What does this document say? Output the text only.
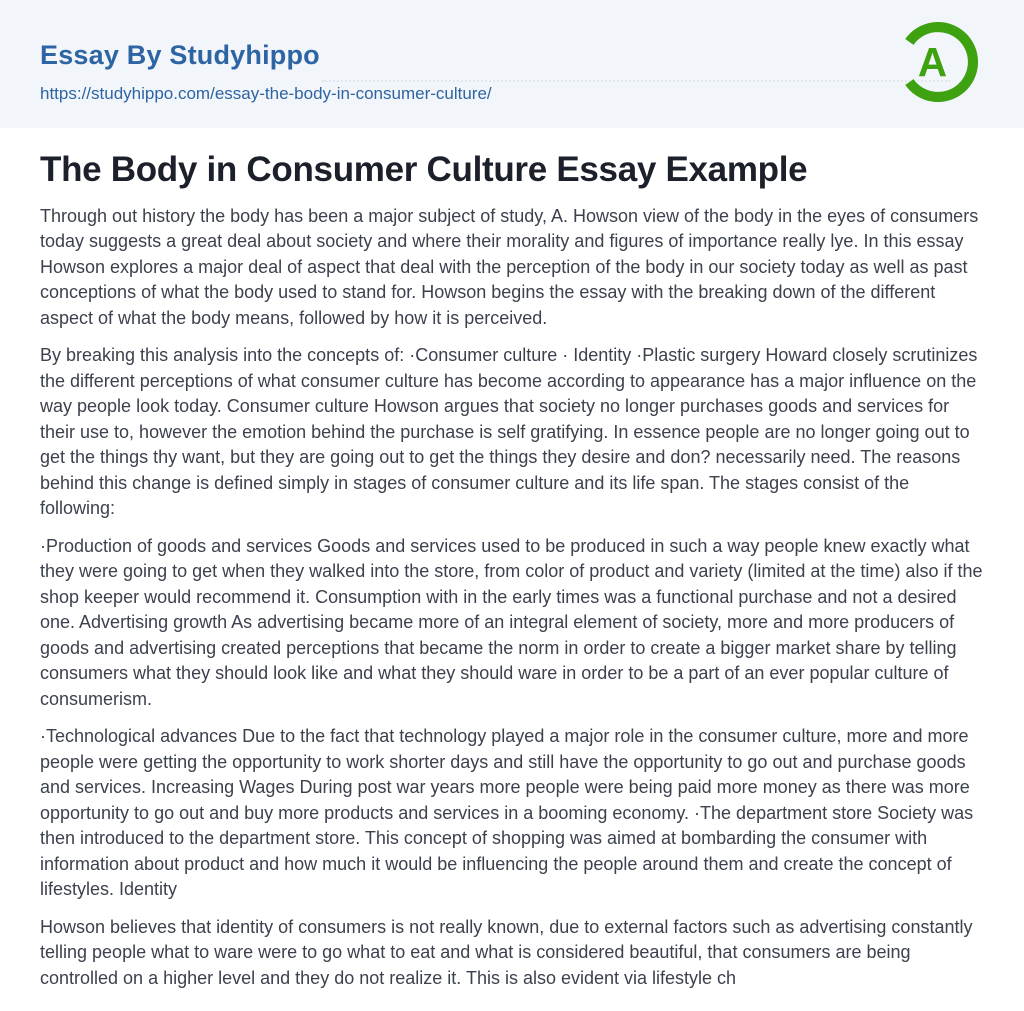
Essay By Studyhippo
https://studyhippo.com/essay-the-body-in-consumer-culture/
A
The Body in Consumer Culture Essay Example

Through out history the body has been a major subject of study, A. Howson view of the body in the eyes of consumers today suggests a great deal about society and where their morality and figures of importance really lye. In this essay Howson explores a major deal of aspect that deal with the perception of the body in our society today as well as past conceptions of what the body used to stand for. Howson begins the essay with the breaking down of the different aspect of what the body means, followed by how it is perceived.

By breaking this analysis into the concepts of: ·Consumer culture · Identity ·Plastic surgery Howard closely scrutinizes the different perceptions of what consumer culture has become according to appearance has a major influence on the way people look today. Consumer culture Howson argues that society no longer purchases goods and services for their use to, however the emotion behind the purchase is self gratifying. In essence people are no longer going out to get the things thy want, but they are going out to get the things they desire and don? necessarily need. The reasons behind this change is defined simply in stages of consumer culture and its life span. The stages consist of the following:

·Production of goods and services Goods and services used to be produced in such a way people knew exactly what they were going to get when they walked into the store, from color of product and variety (limited at the time) also if the shop keeper would recommend it. Consumption with in the early times was a functional purchase and not a desired one. Advertising growth As advertising became more of an integral element of society, more and more producers of goods and advertising created perceptions that became the norm in order to create a bigger market share by telling consumers what they should look like and what they should ware in order to be a part of an ever popular culture of consumerism.

·Technological advances Due to the fact that technology played a major role in the consumer culture, more and more people were getting the opportunity to work shorter days and still have the opportunity to go out and purchase goods and services. Increasing Wages During post war years more people were being paid more money as there was more opportunity to go out and buy more products and services in a booming economy. ·The department store Society was then introduced to the department store. This concept of shopping was aimed at bombarding the consumer with information about product and how much it would be influencing the people around them and create the concept of lifestyles. Identity

Howson believes that identity of consumers is not really known, due to external factors such as advertising constantly telling people what to ware were to go what to eat and what is considered beautiful, that consumers are being controlled on a higher level and they do not realize it. This is also evident via lifestyle ch
